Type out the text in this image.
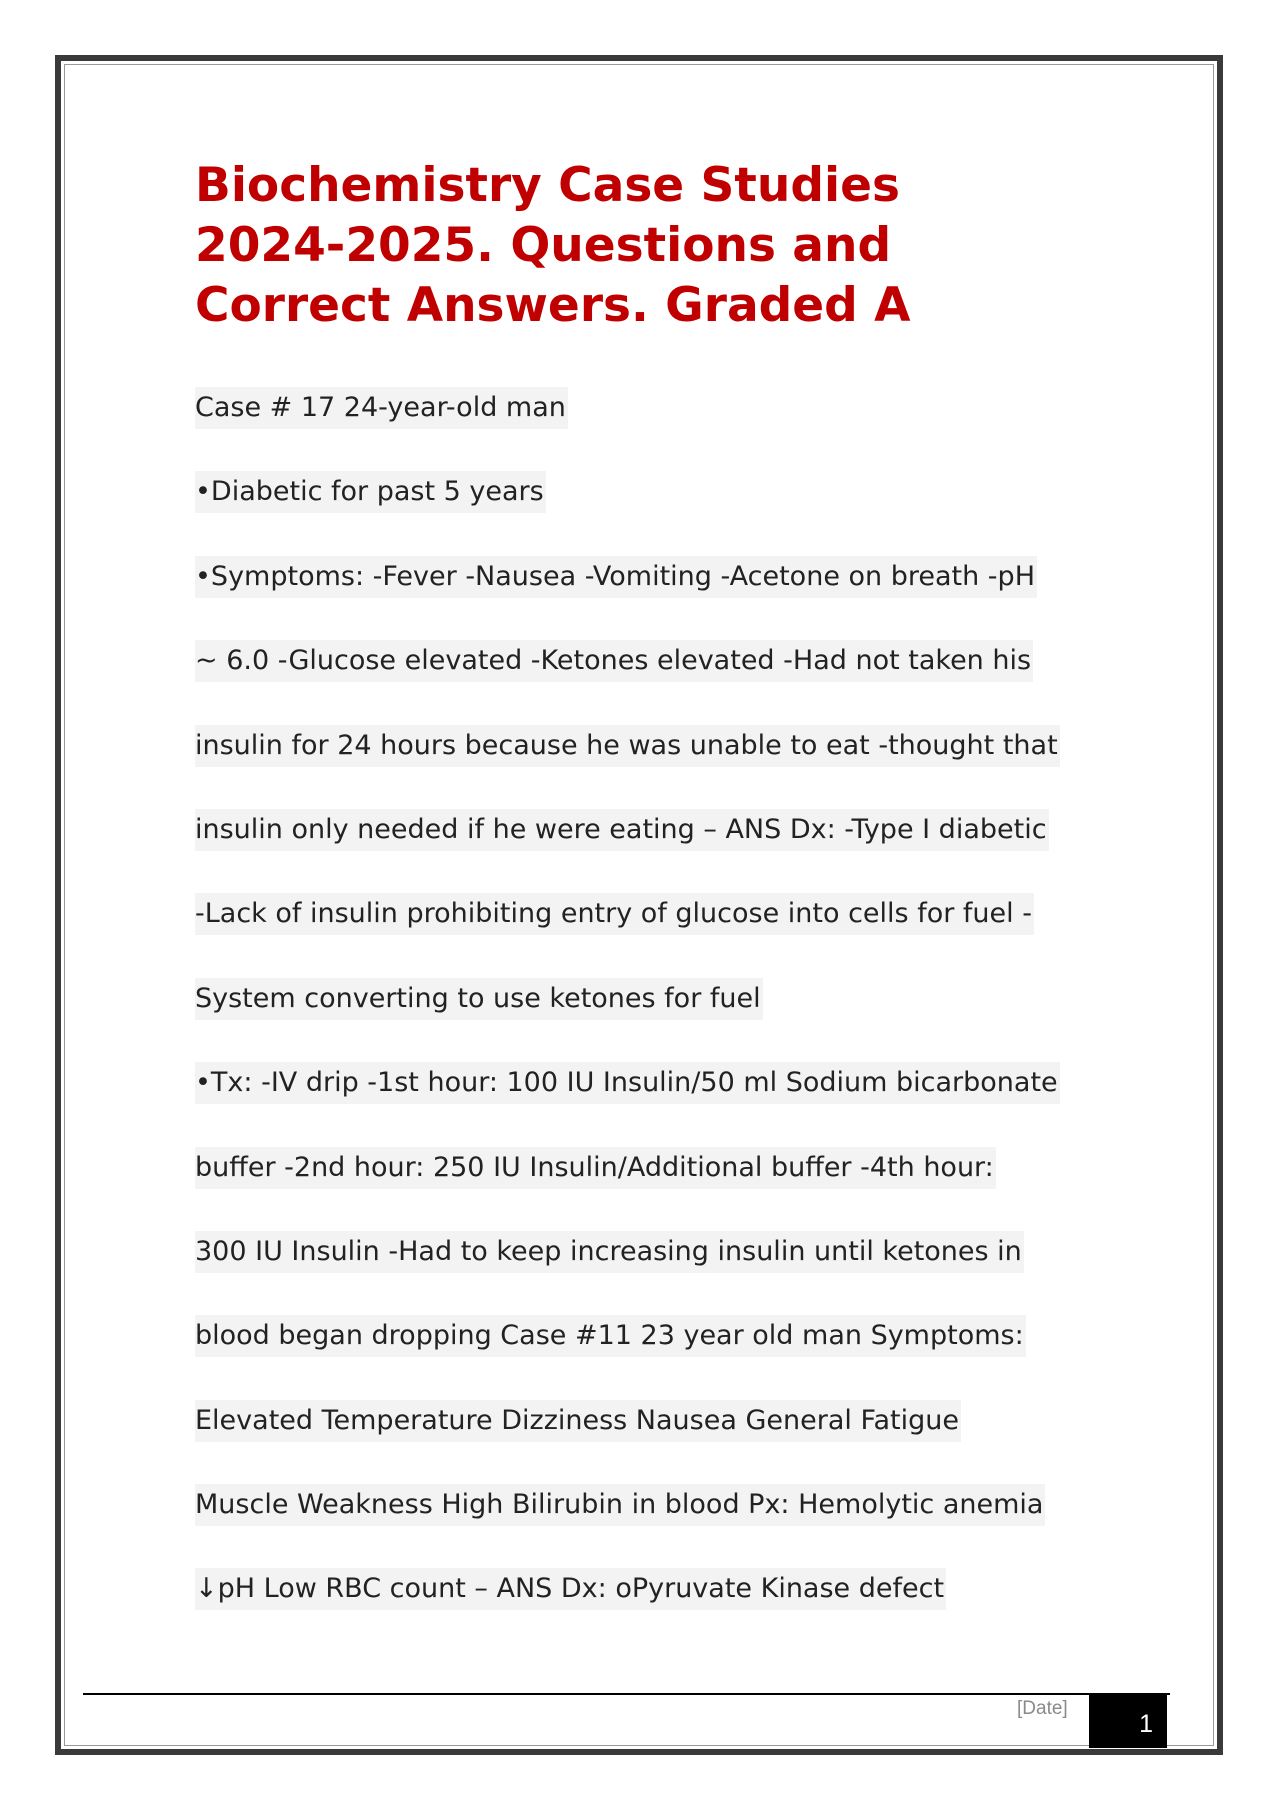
Biochemistry Case Studies
2024-2025. Questions and
Correct Answers. Graded A
Case # 17 24-year-old man
•Diabetic for past 5 years
•Symptoms: -Fever -Nausea -Vomiting -Acetone on breath -pH
~ 6.0 -Glucose elevated -Ketones elevated -Had not taken his
insulin for 24 hours because he was unable to eat -thought that
insulin only needed if he were eating – ANS Dx: -Type I diabetic
-Lack of insulin prohibiting entry of glucose into cells for fuel -
System converting to use ketones for fuel
•Tx: -IV drip -1st hour: 100 IU Insulin/50 ml Sodium bicarbonate
buffer -2nd hour: 250 IU Insulin/Additional buffer -4th hour:
300 IU Insulin -Had to keep increasing insulin until ketones in
blood began dropping Case #11 23 year old man Symptoms:
Elevated Temperature Dizziness Nausea General Fatigue
Muscle Weakness High Bilirubin in blood Px: Hemolytic anemia
↓pH Low RBC count – ANS Dx: oPyruvate Kinase defect
[Date]
1
